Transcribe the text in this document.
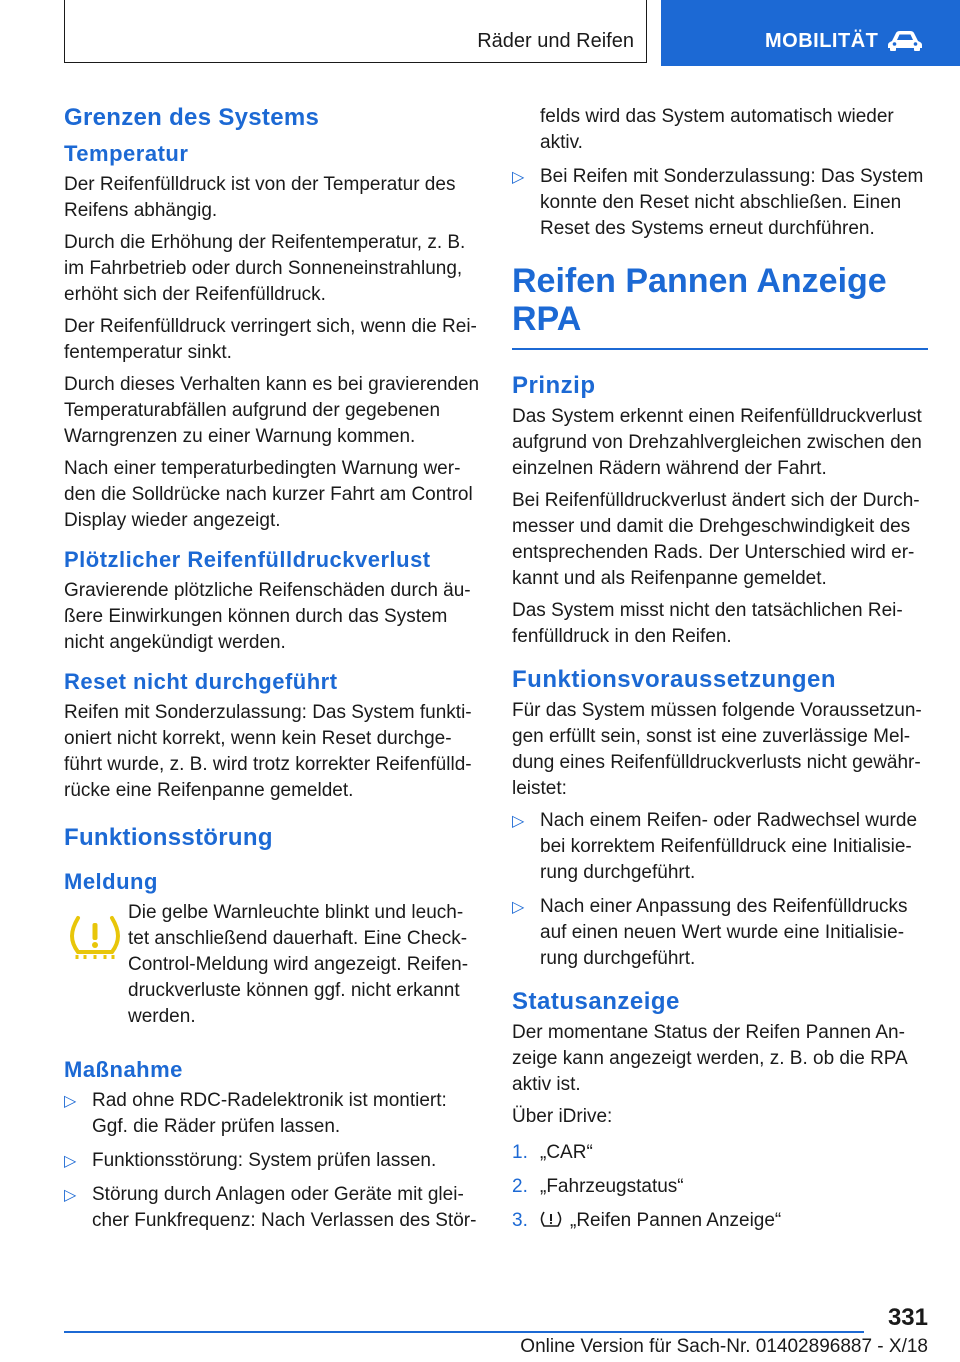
Räder und Reifen	MOBILITÄT
Grenzen des Systems
Temperatur

Der Reifenfülldruck ist von der Temperatur des Reifens abhängig.

Durch die Erhöhung der Reifentemperatur, z. B. im Fahrbetrieb oder durch Sonneneinstrahlung, erhöht sich der Reifenfülldruck.

Der Reifenfülldruck verringert sich, wenn die Rei-fentemperatur sinkt.

Durch dieses Verhalten kann es bei gravierenden Temperaturabfällen aufgrund der gegebenen Warngrenzen zu einer Warnung kommen.

Nach einer temperaturbedingten Warnung wer-den die Solldrücke nach kurzer Fahrt am Control Display wieder angezeigt.

Plötzlicher Reifenfülldruckverlust

Gravierende plötzliche Reifenschäden durch äu-ßere Einwirkungen können durch das System nicht angekündigt werden.

Reset nicht durchgeführt

Reifen mit Sonderzulassung: Das System funkti-oniert nicht korrekt, wenn kein Reset durchge-führt wurde, z. B. wird trotz korrekter Reifenfülld-rücke eine Reifenpanne gemeldet.

Funktionsstörung
Meldung

Die gelbe Warnleuchte blinkt und leuch-tet anschließend dauerhaft. Eine Check-Control-Meldung wird angezeigt. Reifen-druckverluste können ggf. nicht erkannt werden.

Maßnahme
▷ Rad ohne RDC-Radelektronik ist montiert: Ggf. die Räder prüfen lassen.
▷ Funktionsstörung: System prüfen lassen.
▷ Störung durch Anlagen oder Geräte mit glei-cher Funkfrequenz: Nach Verlassen des Stör-
felds wird das System automatisch wieder aktiv.
▷ Bei Reifen mit Sonderzulassung: Das System konnte den Reset nicht abschließen. Einen Reset des Systems erneut durchführen.
Reifen Pannen Anzeige RPA
Prinzip

Das System erkennt einen Reifenfülldruckverlust aufgrund von Drehzahlvergleichen zwischen den einzelnen Rädern während der Fahrt.

Bei Reifenfülldruckverlust ändert sich der Durch-messer und damit die Drehgeschwindigkeit des entsprechenden Rads. Der Unterschied wird er-kannt und als Reifenpanne gemeldet.

Das System misst nicht den tatsächlichen Rei-fenfülldruck in den Reifen.

Funktionsvoraussetzungen

Für das System müssen folgende Voraussetzun-gen erfüllt sein, sonst ist eine zuverlässige Mel-dung eines Reifenfülldruckverlusts nicht gewähr-leistet:

▷ Nach einem Reifen- oder Radwechsel wurde bei korrektem Reifenfülldruck eine Initialisie-rung durchgeführt.
▷ Nach einer Anpassung des Reifenfülldrucks auf einen neuen Wert wurde eine Initialisie-rung durchgeführt.
Statusanzeige

Der momentane Status der Reifen Pannen An-zeige kann angezeigt werden, z. B. ob die RPA aktiv ist.

Über iDrive:

1. „CAR“
2. „Fahrzeugstatus“
3. „Reifen Pannen Anzeige“
331
Online Version für Sach-Nr. 01402896887 - X/18
